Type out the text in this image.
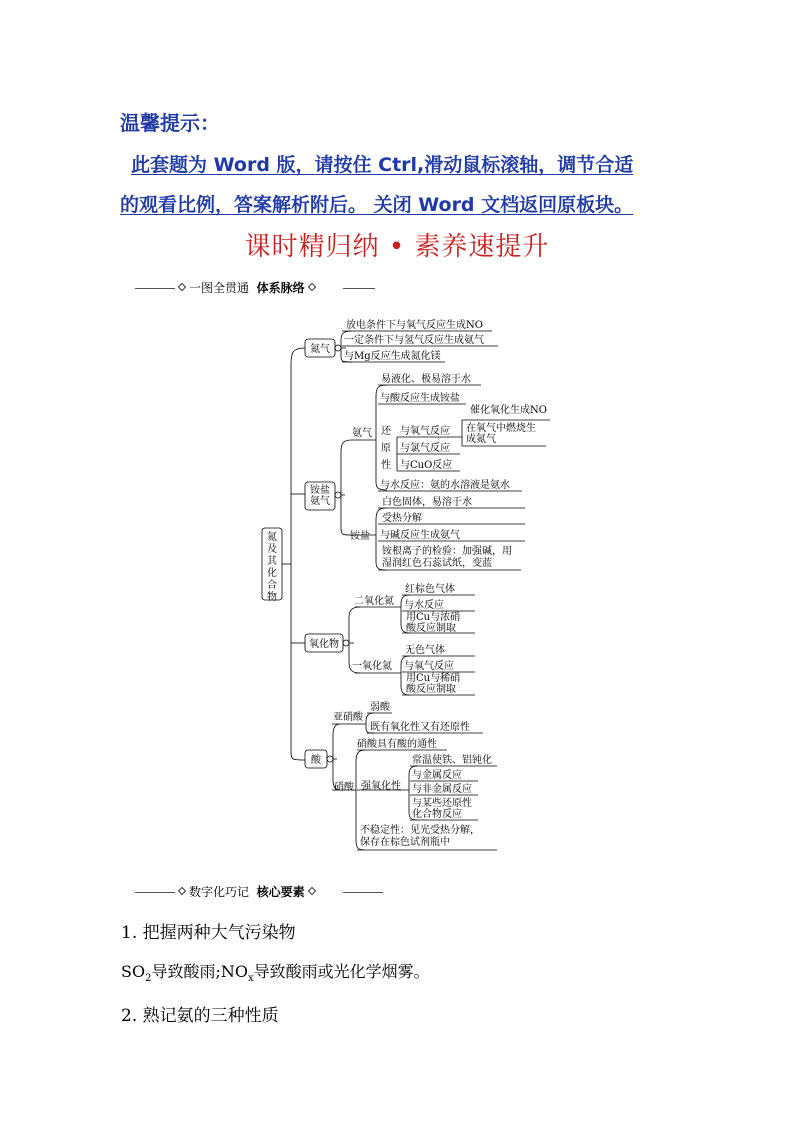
温馨提示：
此套题为 Word 版，请按住 Ctrl,滑动鼠标滚轴，调节合适
的观看比例，答案解析附后。 关闭 Word 文档返回原板块。
课时精归纳 • 素养速提升
一图全贯通 体系脉络
氮及其化合物
氮气
放电条件下与氧气反应生成NO
一定条件下与氢气反应生成氨气
与Mg反应生成氮化镁
铵盐氨气
氨气
易液化、极易溶于水
与酸反应生成铵盐
还原性
与氧气反应
与氯气反应
与CuO反应
催化氧化生成NO
在氧气中燃烧生成氮气
与水反应：氨的水溶液是氨水
铵盐
白色固体，易溶于水
受热分解
与碱反应生成氨气
铵根离子的检验：加强碱，用湿润红色石蕊试纸，变蓝
氧化物
二氧化氮
红棕色气体
与水反应
用Cu与浓硝酸反应制取
一氧化氮
无色气体
与氧气反应
用Cu与稀硝酸反应制取
酸
亚硝酸
弱酸
既有氧化性又有还原性
硝酸
硝酸具有酸的通性
强氧化性
常温使铁、铝钝化
与金属反应
与非金属反应
与某些还原性化合物反应
不稳定性：见光受热分解，保存在棕色试剂瓶中
数字化巧记 核心要素
1. 把握两种大气污染物
$SO_2$导致酸雨$;NO_x$导致酸雨或光化学烟雾。
2. 熟记氨的三种性质
